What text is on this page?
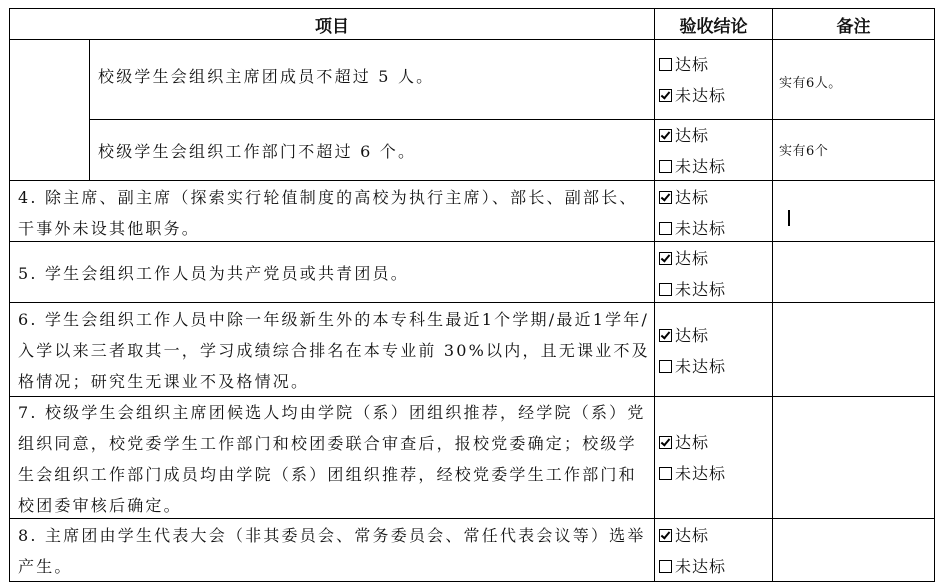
项目	验收结论	备注
校级学生会组织主席团成员不超过 5 人。
达标
未达标
实有6人。
校级学生会组织工作部门不超过 6 个。
达标
未达标
实有6个
4. 除主席、副主席（探索实行轮值制度的高校为执行主席）、部长、副部长、干事外未设其他职务。
达标
未达标
5. 学生会组织工作人员为共产党员或共青团员。
达标
未达标
6. 学生会组织工作人员中除一年级新生外的本专科生最近1个学期/最近1学年/入学以来三者取其一，学习成绩综合排名在本专业前 30%以内，且无课业不及格情况；研究生无课业不及格情况。
达标
未达标
7. 校级学生会组织主席团候选人均由学院（系）团组织推荐，经学院（系）党组织同意，校党委学生工作部门和校团委联合审查后，报校党委确定；校级学生会组织工作部门成员均由学院（系）团组织推荐，经校党委学生工作部门和校团委审核后确定。
达标
未达标
8. 主席团由学生代表大会（非其委员会、常务委员会、常任代表会议等）选举产生。
达标
未达标
